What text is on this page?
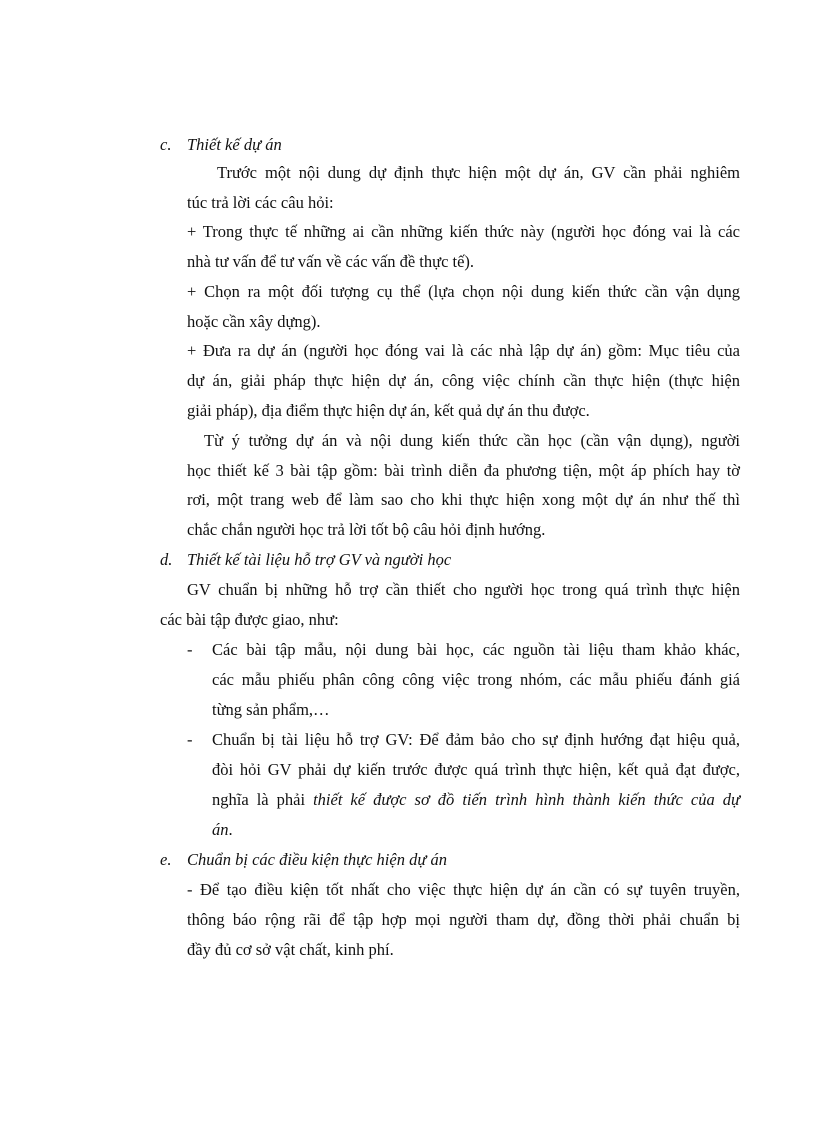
c. Thiết kế dự án
Trước một nội dung dự định thực hiện một dự án, GV cần phải nghiêm
túc trả lời các câu hỏi:
+ Trong thực tế những ai cần những kiến thức này (người học đóng vai là các
nhà tư vấn để tư vấn về các vấn đề thực tế).
+ Chọn ra một đối tượng cụ thể (lựa chọn nội dung kiến thức cần vận dụng
hoặc cần xây dựng).
+ Đưa ra dự án (người học đóng vai là các nhà lập dự án) gồm: Mục tiêu của
dự án, giải pháp thực hiện dự án, công việc chính cần thực hiện (thực hiện
giải pháp), địa điểm thực hiện dự án, kết quả dự án thu được.
Từ ý tưởng dự án và nội dung kiến thức cần học (cần vận dụng), người
học thiết kế 3 bài tập gồm: bài trình diễn đa phương tiện, một áp phích hay tờ
rơi, một trang web để làm sao cho khi thực hiện xong một dự án như thế thì
chắc chắn người học trả lời tốt bộ câu hỏi định hướng.
d. Thiết kế tài liệu hỗ trợ GV và người học
GV chuẩn bị những hỗ trợ cần thiết cho người học trong quá trình thực hiện
các bài tập được giao, như:
- Các bài tập mẫu, nội dung bài học, các nguồn tài liệu tham khảo khác,
các mẫu phiếu phân công công việc trong nhóm, các mẫu phiếu đánh giá
từng sản phẩm,…
- Chuẩn bị tài liệu hỗ trợ GV: Để đảm bảo cho sự định hướng đạt hiệu quả,
đòi hỏi GV phải dự kiến trước được quá trình thực hiện, kết quả đạt được,
nghĩa là phải thiết kế được sơ đồ tiến trình hình thành kiến thức của dự
án.
e. Chuẩn bị các điều kiện thực hiện dự án
- Để tạo điều kiện tốt nhất cho việc thực hiện dự án cần có sự tuyên truyền,
thông báo rộng rãi để tập hợp mọi người tham dự, đồng thời phải chuẩn bị
đầy đủ cơ sở vật chất, kinh phí.
